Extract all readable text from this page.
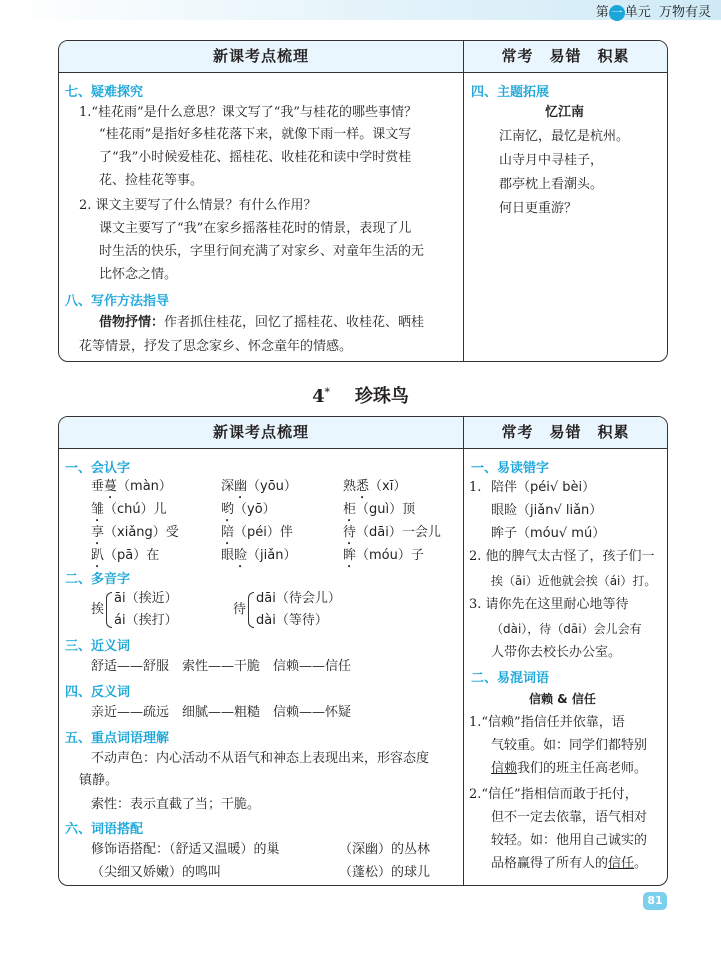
第 一 单元 万物有灵
新课考点梳理	常考　易错　积累
七、疑难探究
1.“桂花雨”是什么意思？课文写了“我”与桂花的哪些事情？
“桂花雨”是指好多桂花落下来，就像下雨一样。课文写
了“我”小时候爱桂花、摇桂花、收桂花和读中学时赏桂
花、捡桂花等事。
2. 课文主要写了什么情景？有什么作用？
课文主要写了“我”在家乡摇落桂花时的情景，表现了儿
时生活的快乐，字里行间充满了对家乡、对童年生活的无
比怀念之情。
八、写作方法指导
借物抒情：作者抓住桂花，回忆了摇桂花、收桂花、晒桂
花等情景，抒发了思念家乡、怀念童年的情感。
四、主题拓展
忆江南
江南忆，最忆是杭州。
山寺月中寻桂子，
郡亭枕上看潮头。
何日更重游？
4* 珍珠鸟
新课考点梳理	常考　易错　积累
一、会认字
垂蔓（màn）	深幽（yōu）	熟悉（xī）
雏（chú）儿	哟（yō）	柜（guì）顶
享（xiǎng）受	陪（péi）伴	待（dāi）一会儿
趴（pā）在	眼睑（jiǎn）	眸（móu）子
二、多音字
挨
āi（挨近）
ái（挨打）
待
dāi（待会儿）
dài（等待）
三、近义词
舒适——舒服　索性——干脆　信赖——信任
四、反义词
亲近——疏远　细腻——粗糙　信赖——怀疑
五、重点词语理解
不动声色：内心活动不从语气和神态上表现出来，形容态度
镇静。
索性：表示直截了当；干脆。
六、词语搭配
修饰语搭配：（舒适又温暖）的巢	（深幽）的丛林
（尖细又娇嫩）的鸣叫	（蓬松）的球儿
一、易读错字
1. 陪伴（péi√ bèi）
眼睑（jiǎn√ liǎn）
眸子（móu√ mú）
2. 他的脾气太古怪了，孩子们一
挨（āi）近他就会挨（ái）打。
3. 请你先在这里耐心地等待
（dài），待（dāi）会儿会有
人带你去校长办公室。
二、易混词语
信赖 & 信任
1.“信赖”指信任并依靠，语
气较重。如：同学们都特别
信赖我们的班主任高老师。
2.“信任”指相信而敢于托付，
但不一定去依靠，语气相对
较轻。如：他用自己诚实的
品格赢得了所有人的信任。
81
